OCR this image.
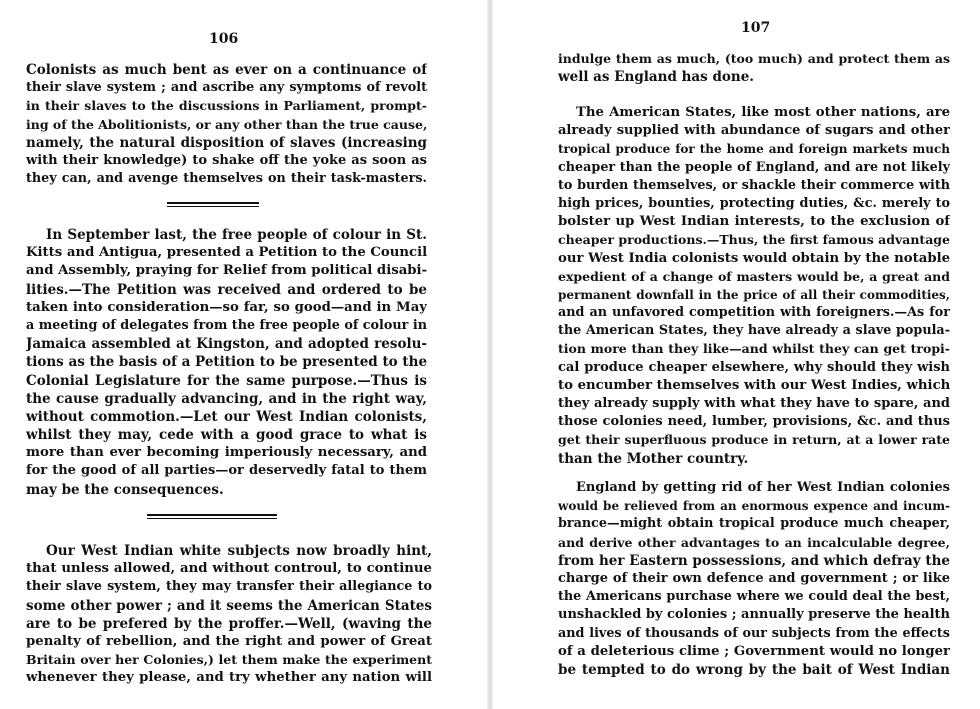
106
Colonists as much bent as ever on a continuance of
their slave system ; and ascribe any symptoms of revolt
in their slaves to the discussions in Parliament, prompt-
ing of the Abolitionists, or any other than the true cause,
namely, the natural disposition of slaves (increasing
with their knowledge) to shake off the yoke as soon as
they can, and avenge themselves on their task-masters.
In September last, the free people of colour in St.
Kitts and Antigua, presented a Petition to the Council
and Assembly, praying for Relief from political disabi-
lities.—The Petition was received and ordered to be
taken into consideration—so far, so good—and in May
a meeting of delegates from the free people of colour in
Jamaica assembled at Kingston, and adopted resolu-
tions as the basis of a Petition to be presented to the
Colonial Legislature for the same purpose.—Thus is
the cause gradually advancing, and in the right way,
without commotion.—Let our West Indian colonists,
whilst they may, cede with a good grace to what is
more than ever becoming imperiously necessary, and
for the good of all parties—or deservedly fatal to them
may be the consequences.
Our West Indian white subjects now broadly hint,
that unless allowed, and without controul, to continue
their slave system, they may transfer their allegiance to
some other power ; and it seems the American States
are to be prefered by the proffer.—Well, (waving the
penalty of rebellion, and the right and power of Great
Britain over her Colonies,) let them make the experiment
whenever they please, and try whether any nation will
107
indulge them as much, (too much) and protect them as
well as England has done.
The American States, like most other nations, are
already supplied with abundance of sugars and other
tropical produce for the home and foreign markets much
cheaper than the people of England, and are not likely
to burden themselves, or shackle their commerce with
high prices, bounties, protecting duties, &c. merely to
bolster up West Indian interests, to the exclusion of
cheaper productions.—Thus, the first famous advantage
our West India colonists would obtain by the notable
expedient of a change of masters would be, a great and
permanent downfall in the price of all their commodities,
and an unfavored competition with foreigners.—As for
the American States, they have already a slave popula-
tion more than they like—and whilst they can get tropi-
cal produce cheaper elsewhere, why should they wish
to encumber themselves with our West Indies, which
they already supply with what they have to spare, and
those colonies need, lumber, provisions, &c. and thus
get their superfluous produce in return, at a lower rate
than the Mother country.
England by getting rid of her West Indian colonies
would be relieved from an enormous expence and incum-
brance—might obtain tropical produce much cheaper,
and derive other advantages to an incalculable degree,
from her Eastern possessions, and which defray the
charge of their own defence and government ; or like
the Americans purchase where we could deal the best,
unshackled by colonies ; annually preserve the health
and lives of thousands of our subjects from the effects
of a deleterious clime ; Government would no longer
be tempted to do wrong by the bait of West Indian
